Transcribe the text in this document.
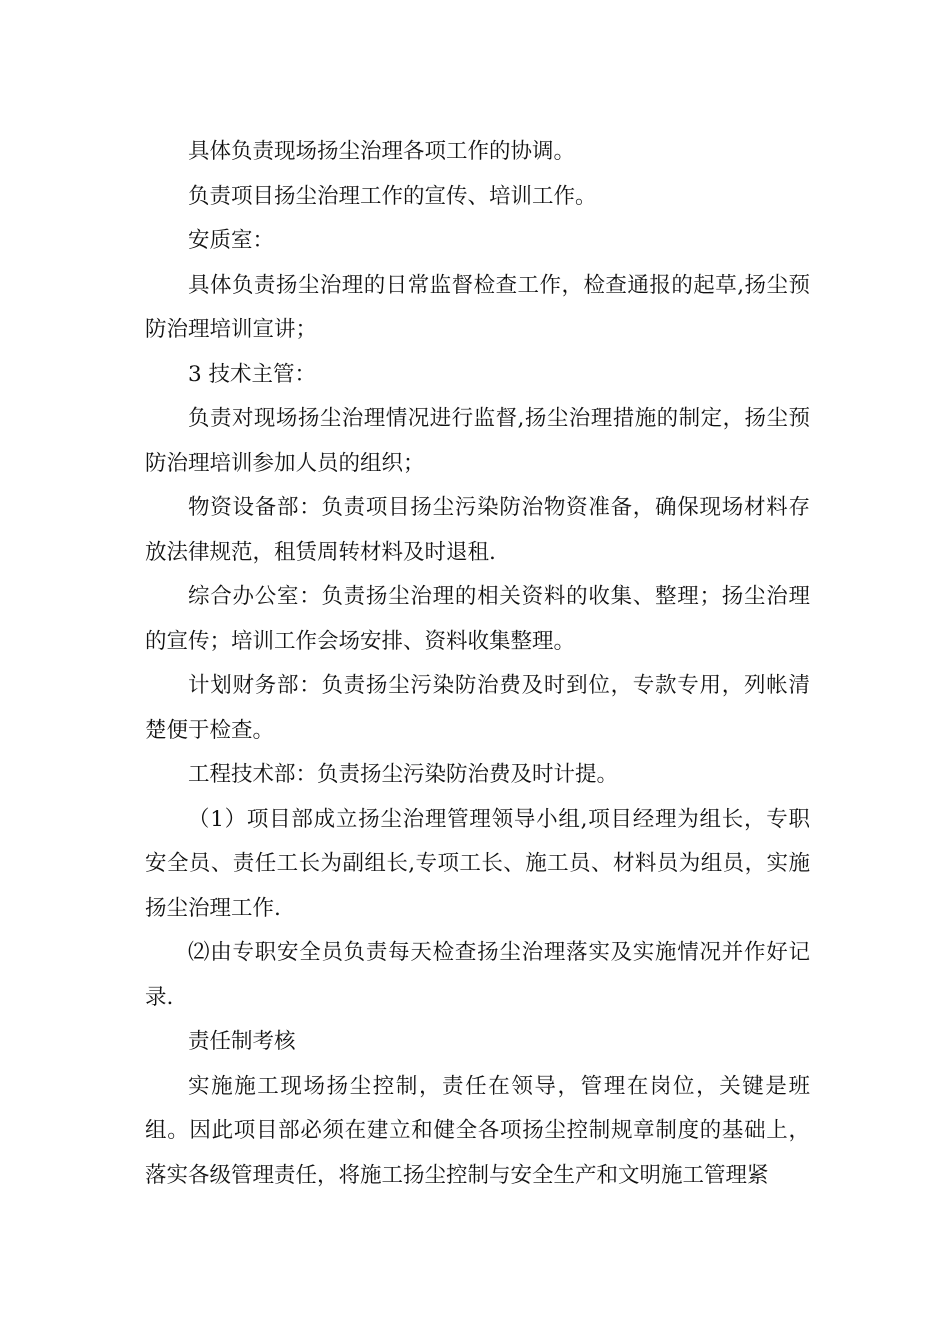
具体负责现场扬尘治理各项工作的协调。

负责项目扬尘治理工作的宣传、培训工作。

安质室：

具体负责扬尘治理的日常监督检查工作，检查通报的起草,扬尘预防治理培训宣讲；

3 技术主管：

负责对现场扬尘治理情况进行监督,扬尘治理措施的制定，扬尘预防治理培训参加人员的组织；

物资设备部：负责项目扬尘污染防治物资准备，确保现场材料存放法律规范，租赁周转材料及时退租.

综合办公室：负责扬尘治理的相关资料的收集、整理；扬尘治理的宣传；培训工作会场安排、资料收集整理。

计划财务部：负责扬尘污染防治费及时到位，专款专用，列帐清楚便于检查。

工程技术部：负责扬尘污染防治费及时计提。

（1）项目部成立扬尘治理管理领导小组,项目经理为组长，专职安全员、责任工长为副组长,专项工长、施工员、材料员为组员，实施扬尘治理工作.

⑵由专职安全员负责每天检查扬尘治理落实及实施情况并作好记录.

责任制考核

实施施工现场扬尘控制，责任在领导，管理在岗位，关键是班组。因此项目部必须在建立和健全各项扬尘控制规章制度的基础上，落实各级管理责任，将施工扬尘控制与安全生产和文明施工管理紧
